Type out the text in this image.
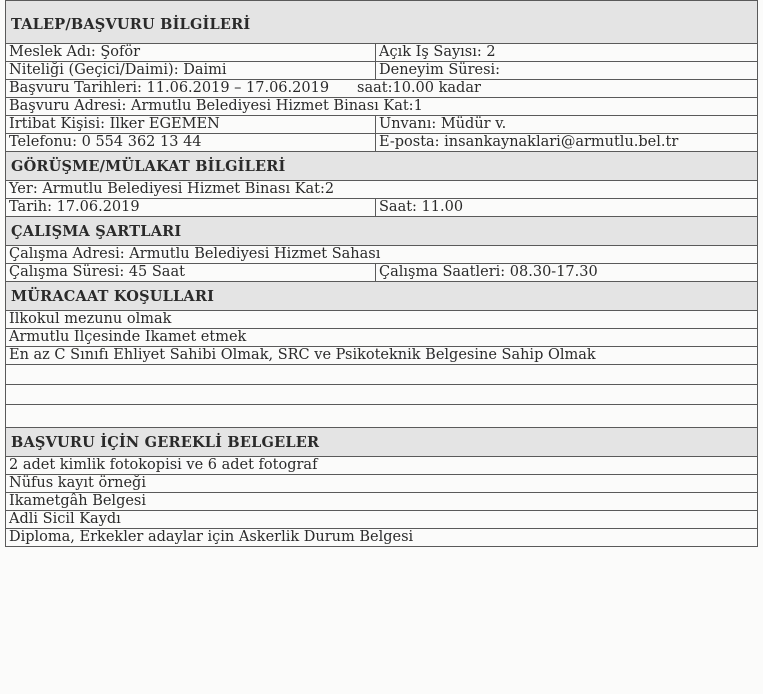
TALEP/BAŞVURU BİLGİLERİ	
Meslek Adı: Şoför	Açık İş Sayısı: 2
Niteliği (Geçici/Daimi): Daimi	Deneyim Süresi:
Başvuru Tarihleri: 11.06.2019 – 17.06.2019 saat:10.00 kadar	
Başvuru Adresi: Armutlu Belediyesi Hizmet Binası Kat:1	
İrtibat Kişisi: İlker EGEMEN	Unvanı: Müdür v.
Telefonu: 0 554 362 13 44	E-posta: insankaynaklari@armutlu.bel.tr
GÖRÜŞME/MÜLAKAT BİLGİLERİ	
Yer: Armutlu Belediyesi Hizmet Binası Kat:2	
Tarih: 17.06.2019	Saat: 11.00
ÇALIŞMA ŞARTLARI	
Çalışma Adresi: Armutlu Belediyesi Hizmet Sahası	
Çalışma Süresi: 45 Saat	Çalışma Saatleri: 08.30-17.30
MÜRACAAT KOŞULLARI	
İlkokul mezunu olmak	
Armutlu İlçesinde İkamet etmek	
En az C Sınıfı Ehliyet Sahibi Olmak, SRC ve Psikoteknik Belgesine Sahip Olmak	

BAŞVURU İÇİN GEREKLİ BELGELER	
2 adet kimlik fotokopisi ve 6 adet fotograf	
Nüfus kayıt örneği	
İkametgâh Belgesi	
Adli Sicil Kaydı	
Diploma, Erkekler adaylar için Askerlik Durum Belgesi	
